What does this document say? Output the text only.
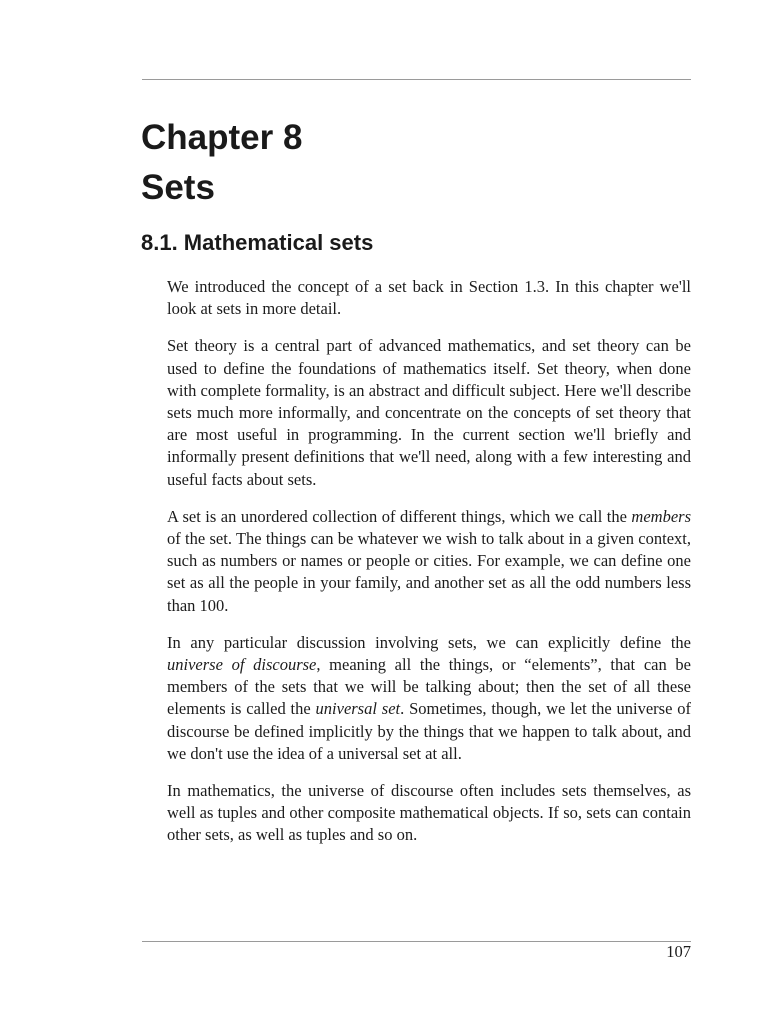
Chapter 8
Sets
8.1. Mathematical sets

We introduced the concept of a set back in Section 1.3. In this chapter we'll look at sets in more detail.

Set theory is a central part of advanced mathematics, and set theory can be used to define the foundations of mathematics itself. Set theory, when done with complete formality, is an abstract and difficult subject. Here we'll describe sets much more informally, and concentrate on the concepts of set theory that are most useful in programming. In the current section we'll briefly and informally present definitions that we'll need, along with a few interesting and useful facts about sets.

A set is an unordered collection of different things, which we call the members of the set. The things can be whatever we wish to talk about in a given context, such as numbers or names or people or cities. For example, we can define one set as all the people in your family, and another set as all the odd numbers less than 100.

In any particular discussion involving sets, we can explicitly define the universe of discourse, meaning all the things, or “elements”, that can be members of the sets that we will be talking about; then the set of all these elements is called the universal set. Sometimes, though, we let the universe of discourse be defined implicitly by the things that we happen to talk about, and we don't use the idea of a universal set at all.

In mathematics, the universe of discourse often includes sets themselves, as well as tuples and other composite mathematical objects. If so, sets can contain other sets, as well as tuples and so on.

107
